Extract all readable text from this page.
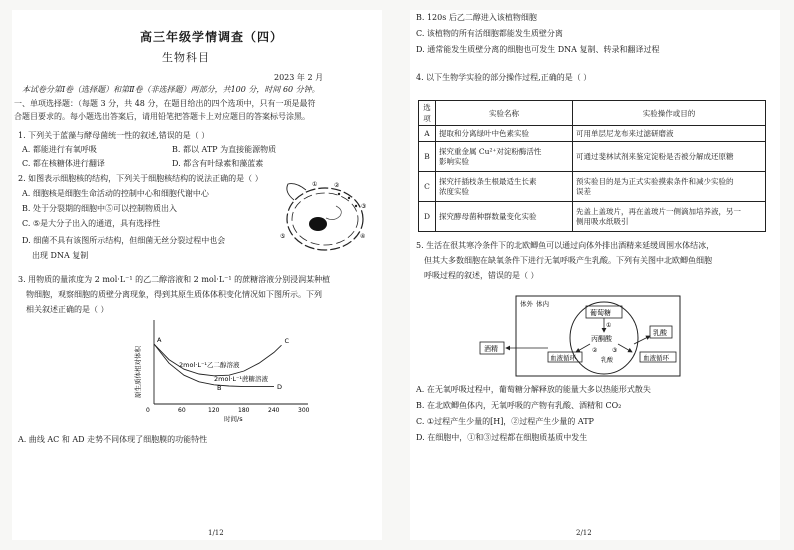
高三年级学情调查（四）
生物科目
2023 年 2 月
本试卷分第Ⅰ卷（选择题）和第Ⅱ卷（非选择题）两部分，共100 分，时间 60 分钟。
一、单项选择题：（每题 3 分，共 48 分，在题目给出的四个选项中，只有一项是最符
合题目要求的。每小题选出答案后，请用铅笔把答题卡上对应题目的答案标号涂黑。
1. 下列关于蓝藻与酵母菌统一性的叙述,错误的是（ ）
A. 都能进行有氧呼吸	B. 都以 ATP 为直接能源物质
C. 都在核糖体进行翻译	D. 都含有叶绿素和藻蓝素
2. 如图表示细胞核的结构，下列关于细胞核结构的说法正确的是（ ）
A. 细胞核是细胞生命活动的控制中心和细胞代谢中心
B. 处于分裂期的细胞中⑤可以控制物质出入
C. ⑤是大分子出入的通道，具有选择性
D. 细菌不具有该图所示结构，但细菌无丝分裂过程中也会
出现 DNA 复制
①	②
③
④
⑤
3. 用物质的量浓度为 2 mol·L⁻¹ 的乙二醇溶液和 2 mol·L⁻¹ 的蔗糖溶液分别浸润某种植
物细胞，观察细胞的质壁分离现象，得到其原生质体体积变化情况如下图所示。下列
相关叙述正确的是（ ）
0	60	120	180	240	300
A
B
C
D
原生质体相对体积
时间/s
2mol·L⁻¹乙二醇溶液
2mol·L⁻¹蔗糖溶液
A. 曲线 AC 和 AD 走势不同体现了细胞膜的功能特性
1/12
B. 120s 后乙二醇进入该植物细胞
C. 该植物的所有活细胞都能发生质壁分离
D. 通常能发生质壁分离的细胞也可发生 DNA 复制、转录和翻译过程
4. 以下生物学实验的部分操作过程,正确的是（ ）
选项	实验名称	实验操作或目的
A	提取和分离绿叶中色素实验	可用单层尼龙布来过滤研磨液

B	探究重金属 Cu²⁺对淀粉酶活性
影响实验	可通过斐林试剂来鉴定淀粉是否被分解成还原糖

C	探究扦插枝条生根最适生长素
浓度实验	预实验目的是为正式实验摸索条件和减少实验的
误差

D	探究酵母菌种群数量变化实验	先盖上盖玻片，再在盖玻片一侧滴加培养液，另一
侧用吸水纸吸引
5. 生活在很其寒冷条件下的北欧鲫鱼可以通过向体外排出酒精来延缓周围水体结冰，
但其大多数细胞在缺氧条件下进行无氧呼吸产生乳酸。下列有关图中北欧鲫鱼细胞
呼吸过程的叙述，错误的是（ ）
体外 体内
葡萄糖
①
丙酮酸
② ③
乳酸
血液循环
酒精
乳酸
血液循环
A. 在无氧呼吸过程中，葡萄糖分解释放的能量大多以热能形式散失
B. 在北欧鲫鱼体内，无氧呼吸的产物有乳酸、酒精和 CO₂
C. ①过程产生少量的[H]，②过程产生少量的 ATP
D. 在细胞中，①和③过程都在细胞质基质中发生
2/12
